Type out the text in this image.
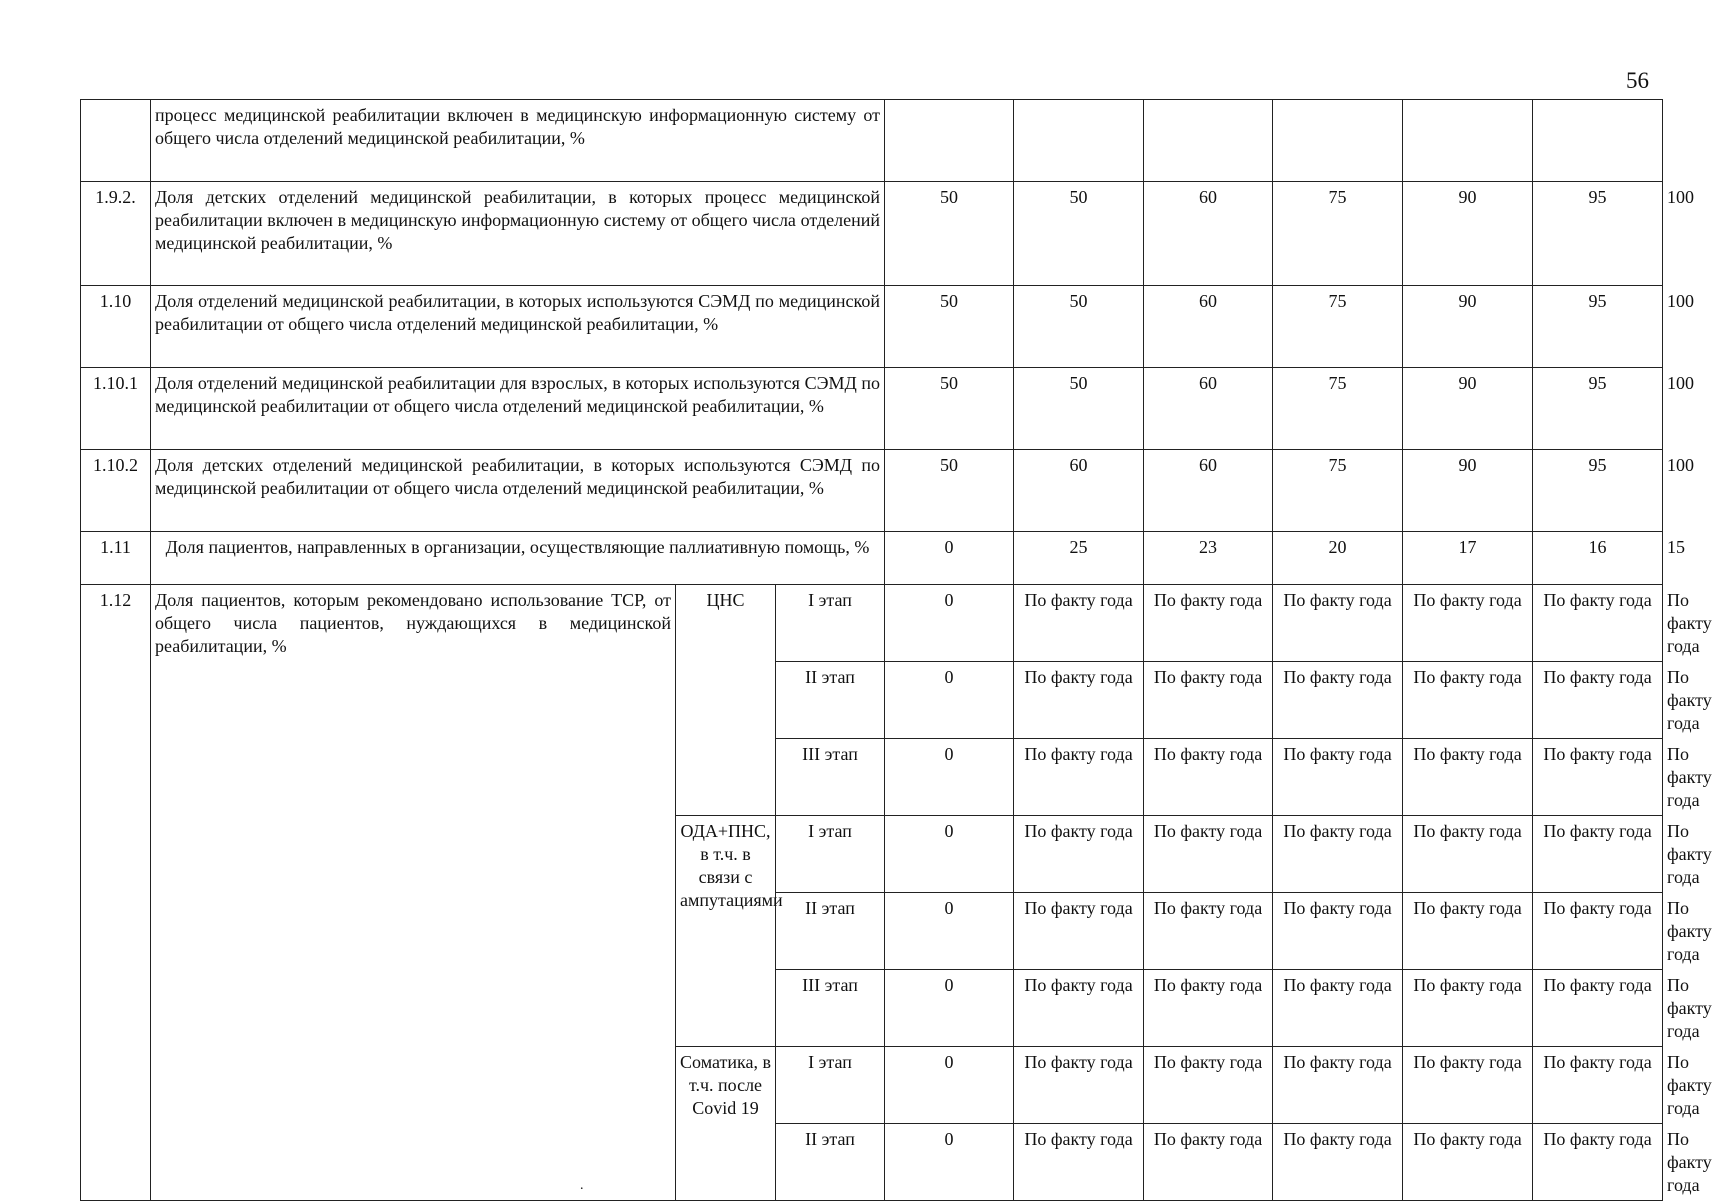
56
	процесс медицинской реабилитации включен в медицинскую информационную систему от общего числа отделений медицинской реабилитации, %									
1.9.2.	Доля детских отделений медицинской реабилитации, в которых процесс медицинской реабилитации включен в медицинскую информационную систему от общего числа отделений медицинской реабилитации, %			50	50	60	75	90	95	100
1.10	Доля отделений медицинской реабилитации, в которых используются СЭМД по медицинской реабилитации от общего числа отделений медицинской реабилитации, %			50	50	60	75	90	95	100
1.10.1	Доля отделений медицинской реабилитации для взрослых, в которых используются СЭМД по медицинской реабилитации от общего числа отделений медицинской реабилитации, %			50	50	60	75	90	95	100
1.10.2	Доля детских отделений медицинской реабилитации, в которых используются СЭМД по медицинской реабилитации от общего числа отделений медицинской реабилитации, %			50	60	60	75	90	95	100
1.11	Доля пациентов, направленных в организации, осуществляющие паллиативную помощь, %			0	25	23	20	17	16	15
1.12	Доля пациентов, которым рекомендовано использование ТСР, от общего числа пациентов, нуждающихся в медицинской реабилитации, %	ЦНС	I этап	0	По факту года	По факту года	По факту года	По факту года	По факту года	По факту года
			II этап	0	По факту года	По факту года	По факту года	По факту года	По факту года	По факту года
			III этап	0	По факту года	По факту года	По факту года	По факту года	По факту года	По факту года
		ОДА+ПНС, в т.ч. в связи с ампутациями	I этап	0	По факту года	По факту года	По факту года	По факту года	По факту года	По факту года
			II этап	0	По факту года	По факту года	По факту года	По факту года	По факту года	По факту года
			III этап	0	По факту года	По факту года	По факту года	По факту года	По факту года	По факту года
		Соматика, в т.ч. после Covid 19	I этап	0	По факту года	По факту года	По факту года	По факту года	По факту года	По факту года
			II этап	0	По факту года	По факту года	По факту года	По факту года	По факту года	По факту года
.
